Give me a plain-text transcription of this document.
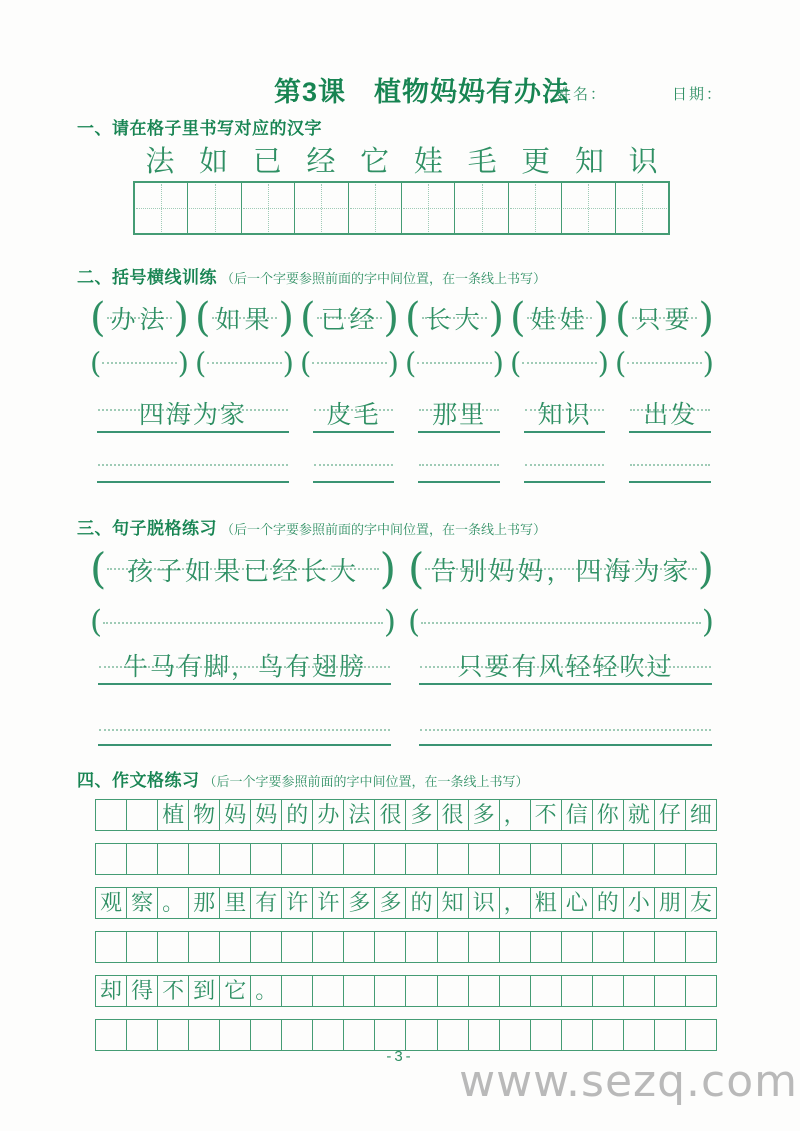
第3课　植物妈妈有办法
姓名：	日期：
一、请在格子里书写对应的汉字
法 如 已 经 它 娃 毛 更 知 识
二、括号横线训练 （后一个字要参照前面的字中间位置，在一条线上书写）
( 办法 ) ( 如果 ) ( 已经 ) ( 长大 ) ( 娃娃 ) ( 只要 )
(	) (	) (	) (	) (	) (	)
四海为家	皮毛	那里	知识	出发
三、句子脱格练习 （后一个字要参照前面的字中间位置，在一条线上书写）
( 孩子如果已经长大 ) ( 告别妈妈，四海为家 )
(	) (	)
牛马有脚，鸟有翅膀	只要有风轻轻吹过
四、作文格练习 （后一个字要参照前面的字中间位置，在一条线上书写）
植 物 妈 妈 的 办 法 很 多 很 多 ， 不 信 你 就 仔 细
观 察 。 那 里 有 许 许 多 多 的 知 识 ， 粗 心 的 小 朋 友
却 得 不 到 它 。
-3-	www.sezq.com
